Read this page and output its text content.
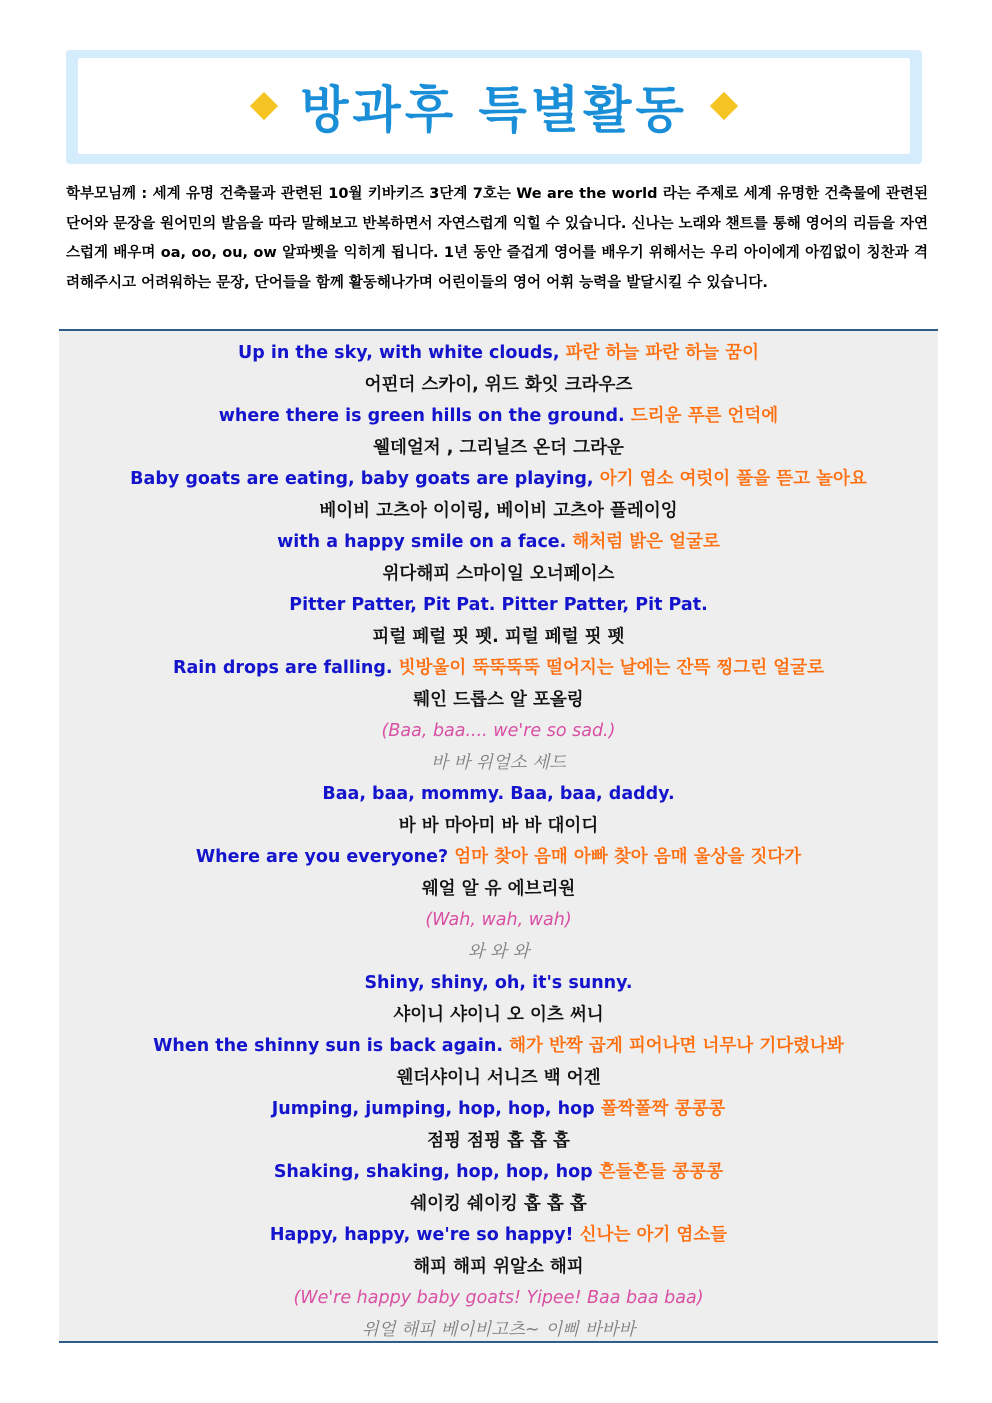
방과후 특별활동
학부모님께 : 세계 유명 건축물과 관련된 10월 키바키즈 3단계 7호는 We are the world 라는 주제로 세계 유명한 건축물에 관련된 단어와 문장을 원어민의 발음을 따라 말해보고 반복하면서 자연스럽게 익힐 수 있습니다. 신나는 노래와 챈트를 통해 영어의 리듬을 자연스럽게 배우며 oa, oo, ou, ow 알파벳을 익히게 됩니다. 1년 동안 즐겁게 영어를 배우기 위해서는 우리 아이에게 아낌없이 칭찬과 격려해주시고 어려워하는 문장, 단어들을 함께 활동해나가며 어린이들의 영어 어휘 능력을 발달시킬 수 있습니다.
Up in the sky, with white clouds, 파란 하늘 파란 하늘 꿈이
어핀더 스카이, 위드 화잇 크라우즈
where there is green hills on the ground. 드리운 푸른 언덕에
웰데얼저 , 그리닐즈 온더 그라운
Baby goats are eating, baby goats are playing, 아기 염소 여럿이 풀을 뜯고 놀아요
베이비 고츠아 이이링, 베이비 고츠아 플레이잉
with a happy smile on a face. 해처럼 밝은 얼굴로
위다해피 스마이일 오너페이스
Pitter Patter, Pit Pat. Pitter Patter, Pit Pat.
피럴 페럴 핏 펫. 피럴 페럴 핏 펫
Rain drops are falling. 빗방울이 뚝뚝뚝뚝 떨어지는 날에는 잔뜩 찡그린 얼굴로
뤠인 드롭스 알 포올링
(Baa, baa.... we're so sad.)
바 바 위얼소 세드
Baa, baa, mommy. Baa, baa, daddy.
바 바 마아미 바 바 대이디
Where are you everyone? 엄마 찾아 음매 아빠 찾아 음매 울상을 짓다가
웨얼 알 유 에브리원
(Wah, wah, wah)
와 와 와
Shiny, shiny, oh, it's sunny.
샤이니 샤이니 오 이츠 써니
When the shinny sun is back again. 해가 반짝 곱게 피어나면 너무나 기다렸나봐
웬더샤이니 서니즈 백 어겐
Jumping, jumping, hop, hop, hop 폴짝폴짝 콩콩콩
점핑 점핑 홉 홉 홉
Shaking, shaking, hop, hop, hop 흔들흔들 콩콩콩
쉐이킹 쉐이킹 홉 홉 홉
Happy, happy, we're so happy! 신나는 아기 염소들
해피 해피 위알소 해피
(We're happy baby goats! Yipee! Baa baa baa)
위얼 해피 베이비고츠~ 이삐 바바바
